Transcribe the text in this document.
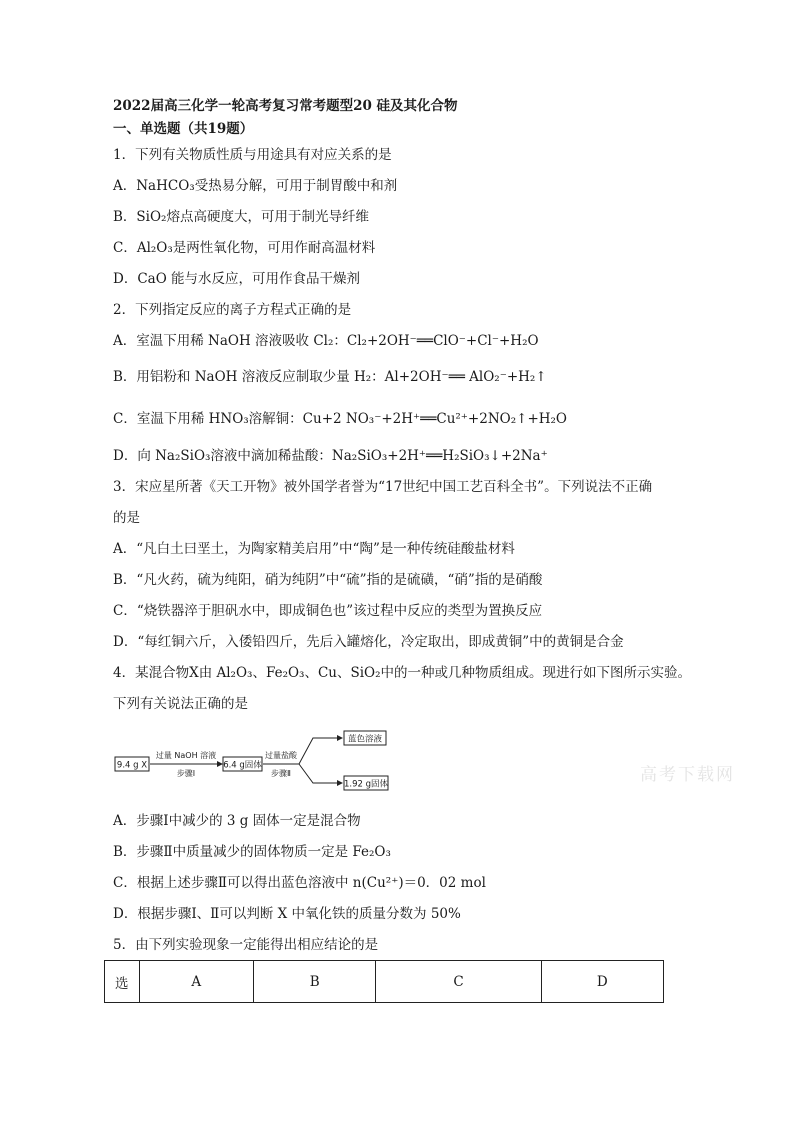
2022届高三化学一轮高考复习常考题型20 硅及其化合物
一、单选题（共19题）
1．下列有关物质性质与用途具有对应关系的是
A．NaHCO₃受热易分解，可用于制胃酸中和剂
B．SiO₂熔点高硬度大，可用于制光导纤维
C．Al₂O₃是两性氧化物，可用作耐高温材料
D．CaO 能与水反应，可用作食品干燥剂
2．下列指定反应的离子方程式正确的是
A．室温下用稀 NaOH 溶液吸收 Cl₂：Cl₂+2OH⁻══ClO⁻+Cl⁻+H₂O
B．用铝粉和 NaOH 溶液反应制取少量 H₂：Al+2OH⁻══ AlO₂⁻+H₂↑
C．室温下用稀 HNO₃溶解铜：Cu+2 NO₃⁻+2H⁺══Cu²⁺+2NO₂↑+H₂O
D．向 Na₂SiO₃溶液中滴加稀盐酸：Na₂SiO₃+2H⁺══H₂SiO₃↓+2Na⁺
3．宋应星所著《天工开物》被外国学者誉为“17世纪中国工艺百科全书”。下列说法不正确
的是
A．“凡白土曰垩土，为陶家精美启用”中“陶”是一种传统硅酸盐材料
B．“凡火药，硫为纯阳，硝为纯阴”中“硫”指的是硫磺，“硝”指的是硝酸
C．“烧铁器淬于胆矾水中，即成铜色也”该过程中反应的类型为置换反应
D．“每红铜六斤，入倭铅四斤，先后入罐熔化，冷定取出，即成黄铜”中的黄铜是合金
4．某混合物X由 Al₂O₃、Fe₂O₃、Cu、SiO₂中的一种或几种物质组成。现进行如下图所示实验。
下列有关说法正确的是
9.4 g X
过量 NaOH 溶液
步骤Ⅰ
6.4 g固体
过量盐酸
步骤Ⅱ
蓝色溶液
1.92 g固体	高考下载网
A．步骤Ⅰ中减少的 3 g 固体一定是混合物
B．步骤Ⅱ中质量减少的固体物质一定是 Fe₂O₃
C．根据上述步骤Ⅱ可以得出蓝色溶液中 n(Cu²⁺)＝0．02 mol
D．根据步骤Ⅰ、Ⅱ可以判断 X 中氧化铁的质量分数为 50%
5．由下列实验现象一定能得出相应结论的是
选	A	B	C	D
